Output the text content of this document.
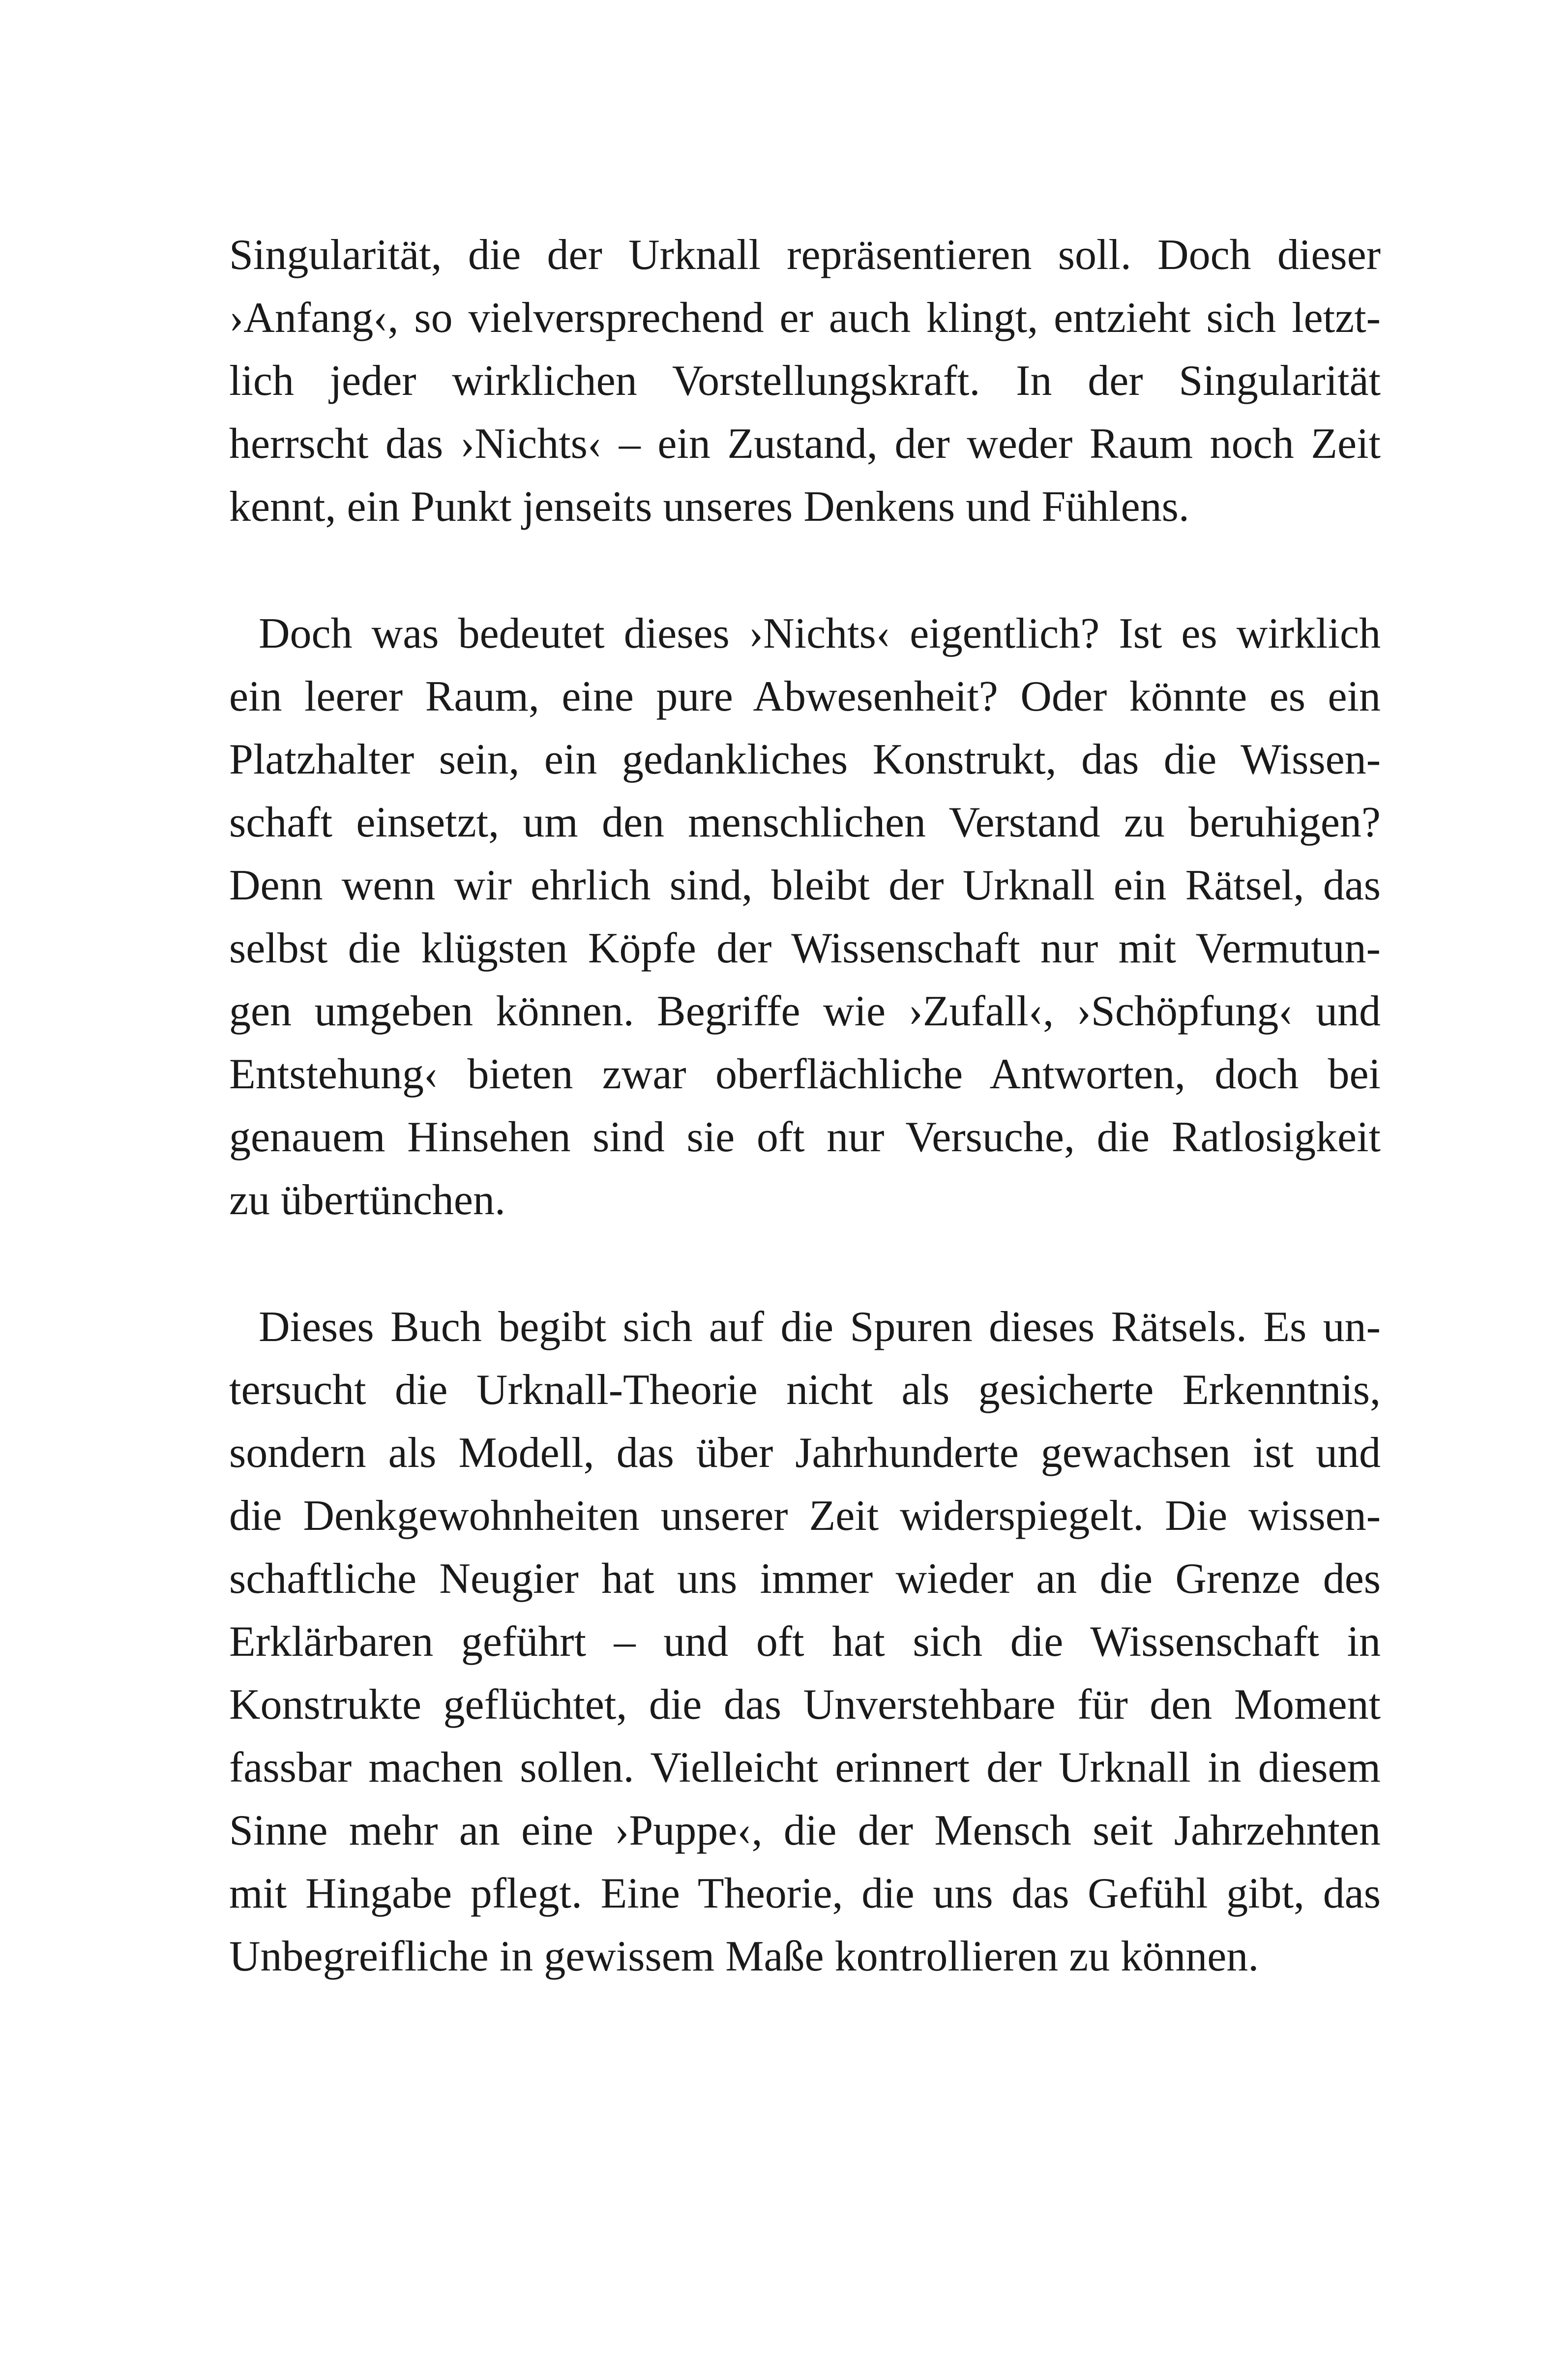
Singularität, die der Urknall repräsentieren soll. Doch dieser
›Anfang‹, so vielversprechend er auch klingt, entzieht sich letzt-
lich jeder wirklichen Vorstellungskraft. In der Singularität
herrscht das ›Nichts‹ – ein Zustand, der weder Raum noch Zeit
kennt, ein Punkt jenseits unseres Denkens und Fühlens.
Doch was bedeutet dieses ›Nichts‹ eigentlich? Ist es wirklich
ein leerer Raum, eine pure Abwesenheit? Oder könnte es ein
Platzhalter sein, ein gedankliches Konstrukt, das die Wissen-
schaft einsetzt, um den menschlichen Verstand zu beruhigen?
Denn wenn wir ehrlich sind, bleibt der Urknall ein Rätsel, das
selbst die klügsten Köpfe der Wissenschaft nur mit Vermutun-
gen umgeben können. Begriffe wie ›Zufall‹, ›Schöpfung‹ und
Entstehung‹ bieten zwar oberflächliche Antworten, doch bei
genauem Hinsehen sind sie oft nur Versuche, die Ratlosigkeit
zu übertünchen.
Dieses Buch begibt sich auf die Spuren dieses Rätsels. Es un-
tersucht die Urknall-Theorie nicht als gesicherte Erkenntnis,
sondern als Modell, das über Jahrhunderte gewachsen ist und
die Denkgewohnheiten unserer Zeit widerspiegelt. Die wissen-
schaftliche Neugier hat uns immer wieder an die Grenze des
Erklärbaren geführt – und oft hat sich die Wissenschaft in
Konstrukte geflüchtet, die das Unverstehbare für den Moment
fassbar machen sollen. Vielleicht erinnert der Urknall in diesem
Sinne mehr an eine ›Puppe‹, die der Mensch seit Jahrzehnten
mit Hingabe pflegt. Eine Theorie, die uns das Gefühl gibt, das
Unbegreifliche in gewissem Maße kontrollieren zu können.
